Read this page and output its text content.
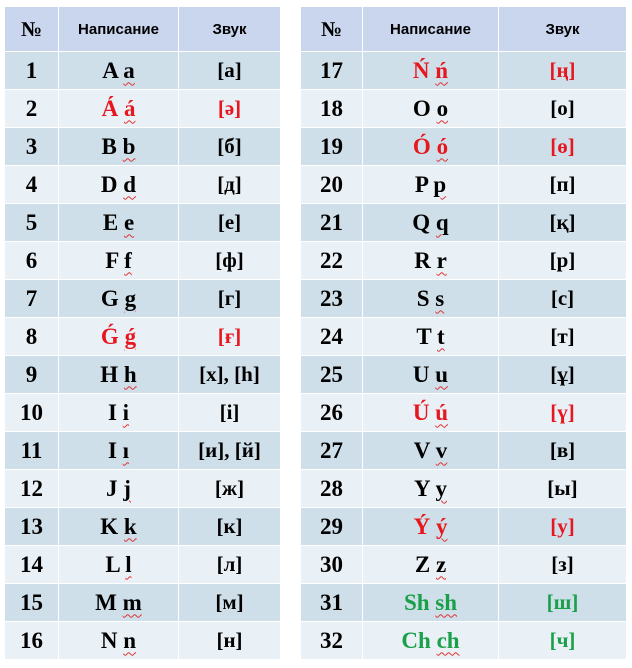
№	Написание	Звук
1	A a	[а]
2	Á á	[ә]
3	B b	[б]
4	D d	[д]
5	E e	[е]
6	F f	[ф]
7	G g	[г]
8	Ǵ ǵ	[ғ]
9	H h	[х], [h]
10	I i	[і]
11	I ı	[и], [й]
12	J j	[ж]
13	K k	[к]
14	L l	[л]
15	M m	[м]
16	N n	[н]
№	Написание	Звук
17	Ń ń	[ң]
18	O o	[о]
19	Ó ó	[ө]
20	P p	[п]
21	Q q	[қ]
22	R r	[р]
23	S s	[с]
24	T t	[т]
25	U u	[ұ]
26	Ú ú	[ү]
27	V v	[в]
28	Y y	[ы]
29	Ý ý	[у]
30	Z z	[з]
31	Sh sh	[ш]
32	Ch ch	[ч]
